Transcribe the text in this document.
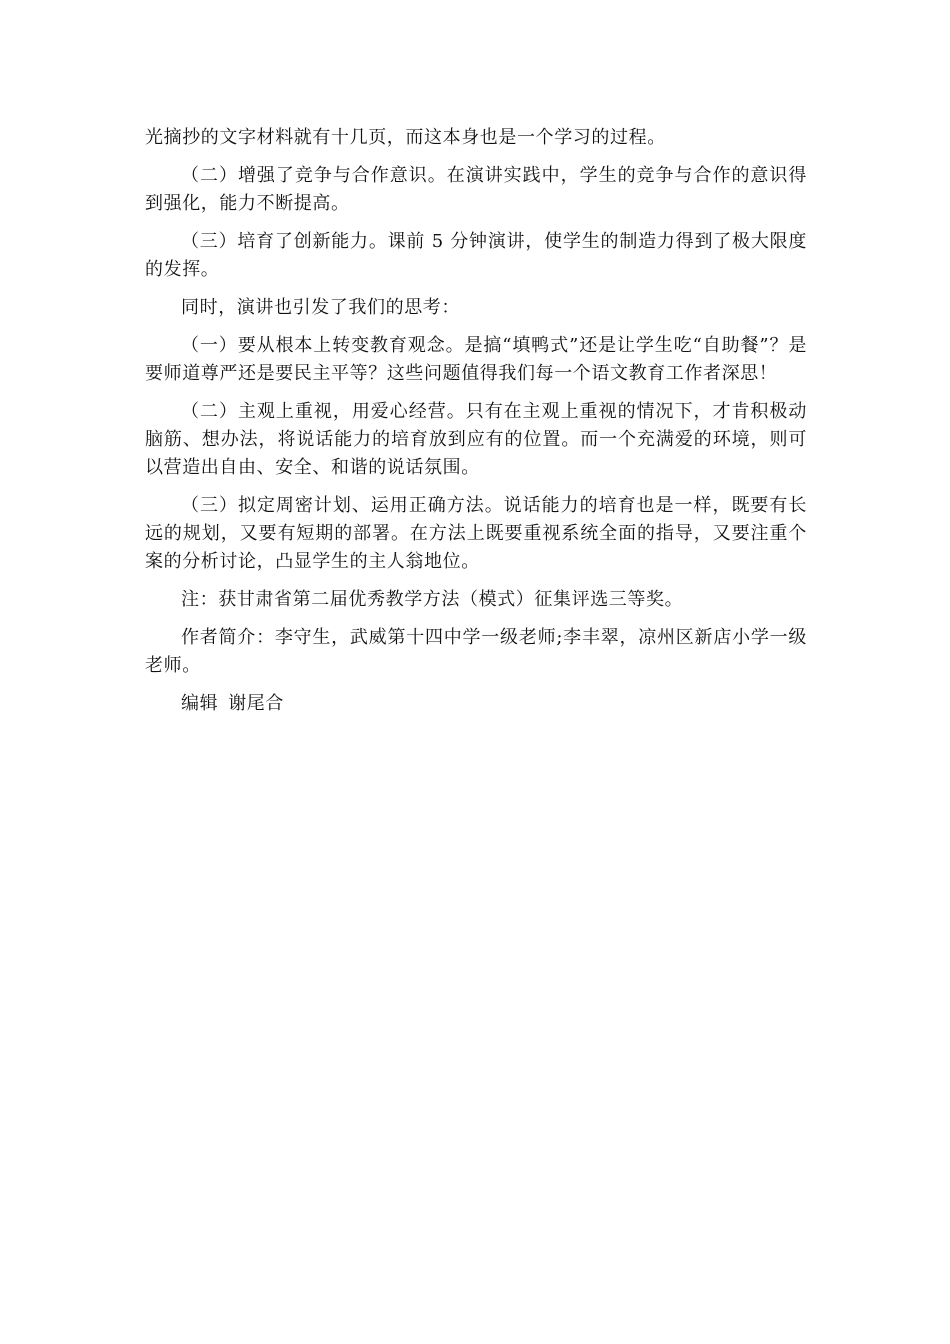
光摘抄的文字材料就有十几页，而这本身也是一个学习的过程。

（二）增强了竞争与合作意识。在演讲实践中，学生的竞争与合作的意识得到强化，能力不断提高。

（三）培育了创新能力。课前 5 分钟演讲，使学生的制造力得到了极大限度的发挥。

同时，演讲也引发了我们的思考：

（一）要从根本上转变教育观念。是搞“填鸭式”还是让学生吃“自助餐”？是要师道尊严还是要民主平等？这些问题值得我们每一个语文教育工作者深思！

（二）主观上重视，用爱心经营。只有在主观上重视的情况下，才肯积极动脑筋、想办法，将说话能力的培育放到应有的位置。而一个充满爱的环境，则可以营造出自由、安全、和谐的说话氛围。

（三）拟定周密计划、运用正确方法。说话能力的培育也是一样，既要有长远的规划，又要有短期的部署。在方法上既要重视系统全面的指导，又要注重个案的分析讨论，凸显学生的主人翁地位。

注：获甘肃省第二届优秀教学方法（模式）征集评选三等奖。

作者简介：李守生，武威第十四中学一级老师;李丰翠，凉州区新店小学一级老师。

编辑 谢尾合
